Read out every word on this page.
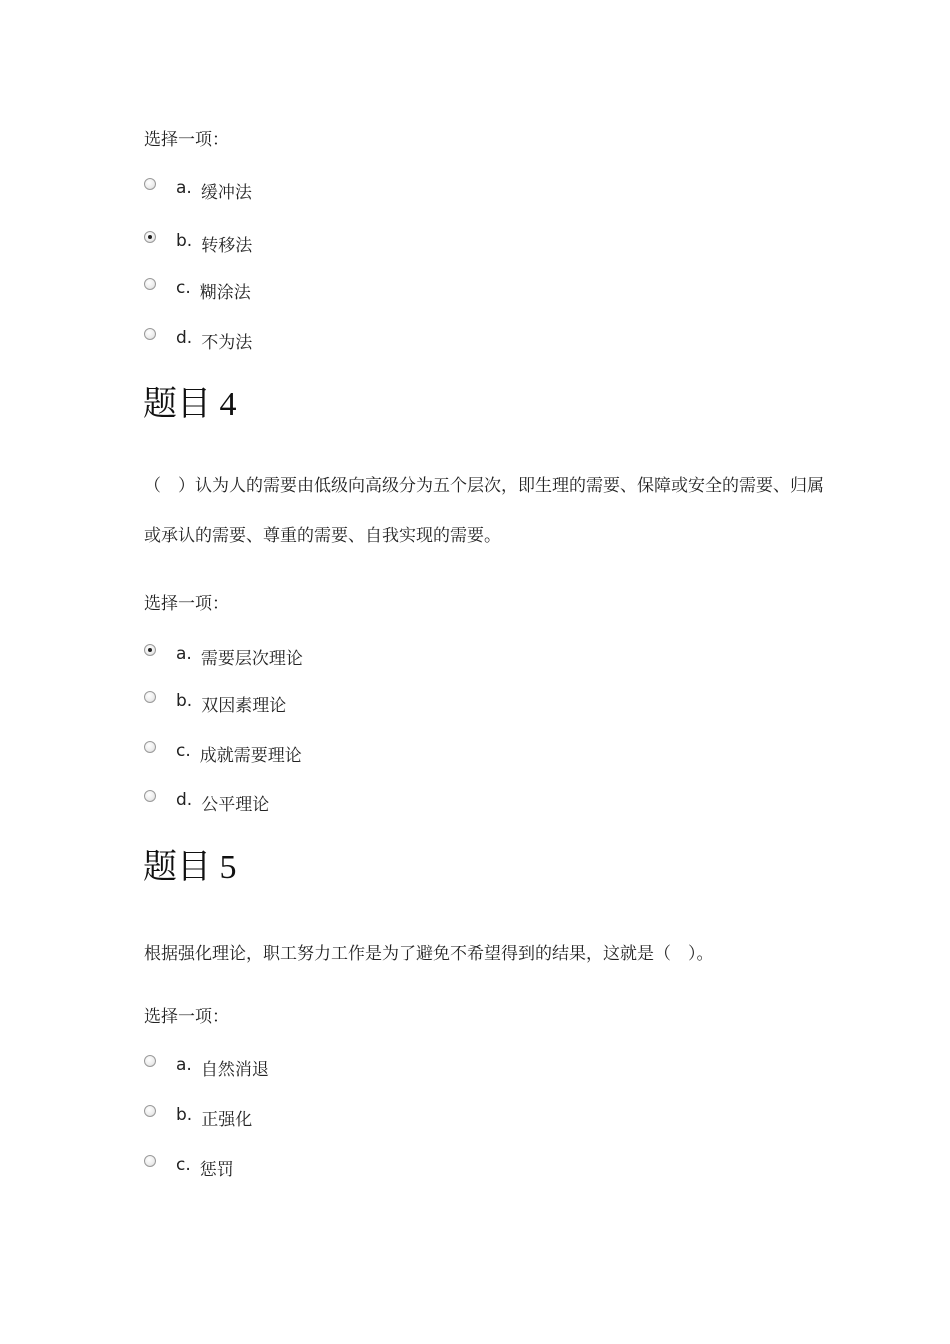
选择一项：
a. 缓冲法
b. 转移法
c. 糊涂法
d. 不为法
题目 4
（　）认为人的需要由低级向高级分为五个层次，即生理的需要、保障或安全的需要、归属或承认的需要、尊重的需要、自我实现的需要。
选择一项：
a. 需要层次理论
b. 双因素理论
c. 成就需要理论
d. 公平理论
题目 5
根据强化理论，职工努力工作是为了避免不希望得到的结果，这就是（　）。
选择一项：
a. 自然消退
b. 正强化
c. 惩罚
